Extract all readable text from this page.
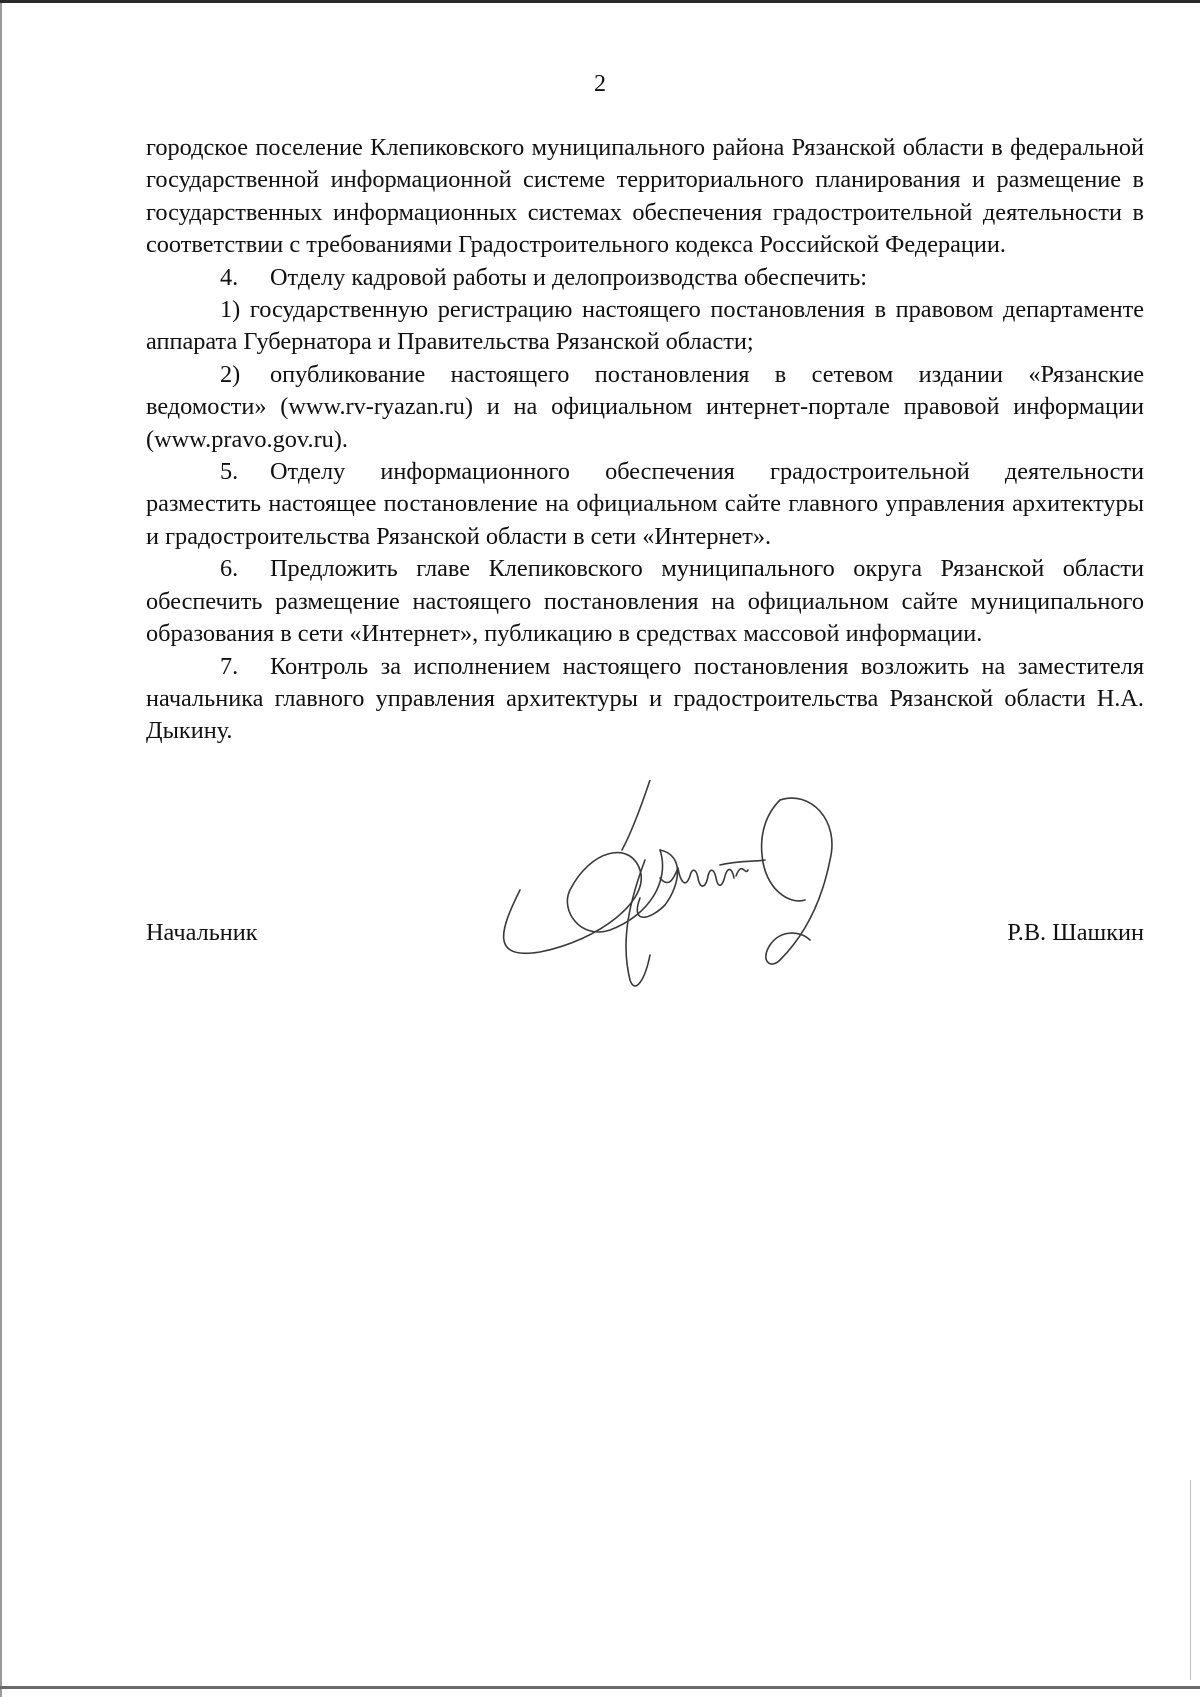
2

городское поселение Клепиковского муниципального района Рязанской области в федеральной государственной информационной системе территориального планирования и размещение в государственных информационных системах обеспечения градостроительной деятельности в соответствии с требованиями Градостроительного кодекса Российской Федерации.

4. Отделу кадровой работы и делопроизводства обеспечить:

1) государственную регистрацию настоящего постановления в правовом департаменте аппарата Губернатора и Правительства Рязанской области;

2) опубликование настоящего постановления в сетевом издании «Рязанские ведомости» (www.rv-ryazan.ru) и на официальном интернет-портале правовой информации (www.pravo.gov.ru).

5. Отделу информационного обеспечения градостроительной деятельности разместить настоящее постановление на официальном сайте главного управления архитектуры и градостроительства Рязанской области в сети «Интернет».

6. Предложить главе Клепиковского муниципального округа Рязанской области обеспечить размещение настоящего постановления на официальном сайте муниципального образования в сети «Интернет», публикацию в средствах массовой информации.

7. Контроль за исполнением настоящего постановления возложить на заместителя начальника главного управления архитектуры и градостроительства Рязанской области Н.А. Дыкину.

Начальник	Р.В. Шашкин
